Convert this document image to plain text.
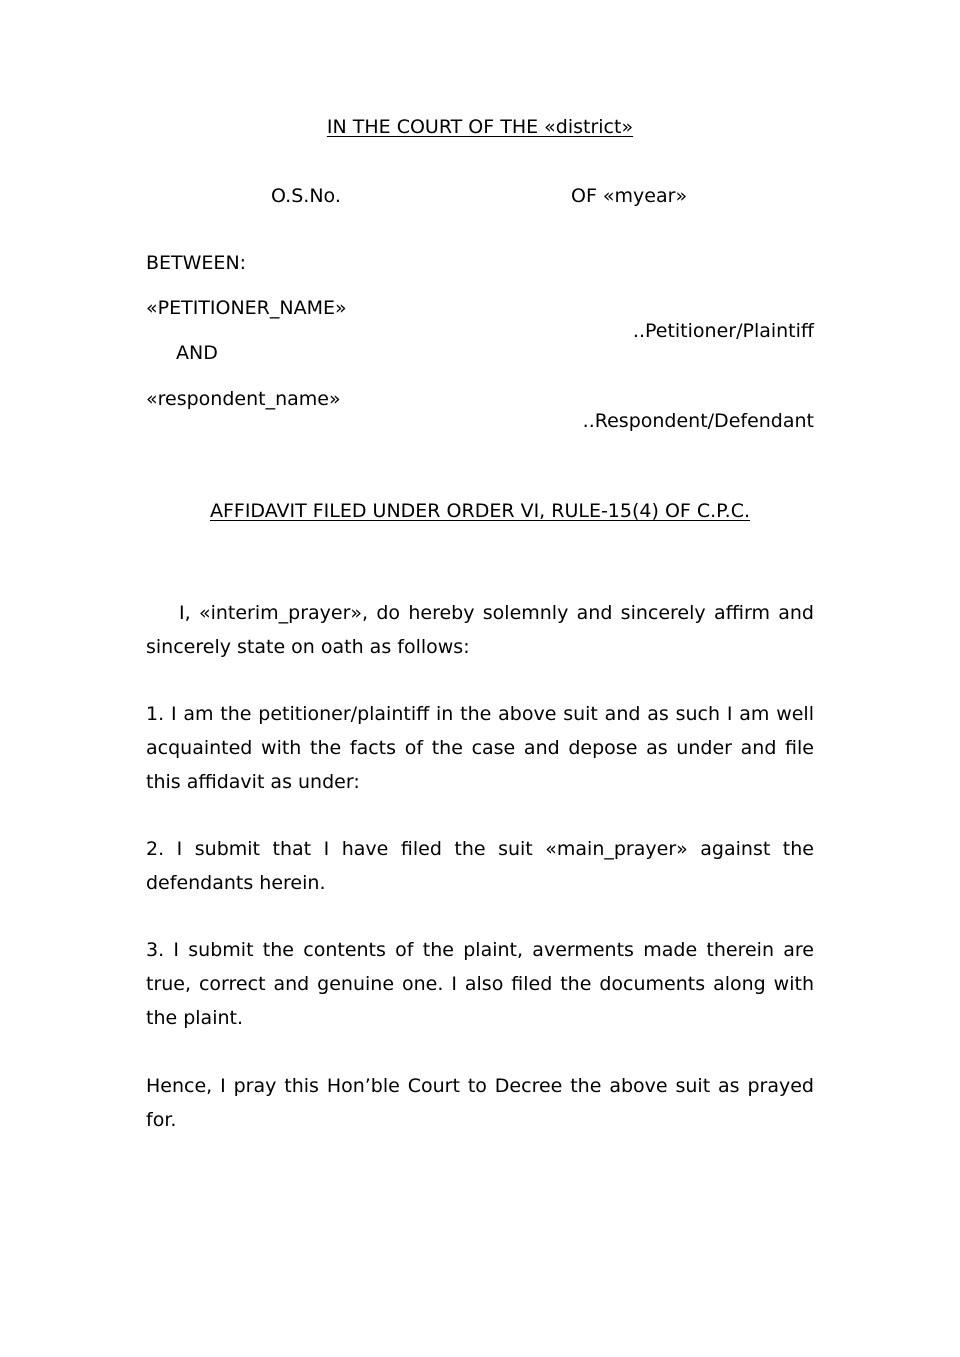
IN THE COURT OF THE «district»
O.S.No.	OF «myear»
BETWEEN:
«PETITIONER_NAME»
..Petitioner/Plaintiff
AND
«respondent_name»
..Respondent/Defendant
AFFIDAVIT FILED UNDER ORDER VI, RULE-15(4) OF C.P.C.
I, «interim_prayer», do hereby solemnly and sincerely affirm and sincerely state on oath as follows:
1. I am the petitioner/plaintiff in the above suit and as such I am well acquainted with the facts of the case and depose as under and file this affidavit as under:
2. I submit that I have filed the suit «main_prayer» against the defendants herein.
3. I submit the contents of the plaint, averments made therein are true, correct and genuine one. I also filed the documents along with the plaint.
Hence, I pray this Hon’ble Court to Decree the above suit as prayed for.
